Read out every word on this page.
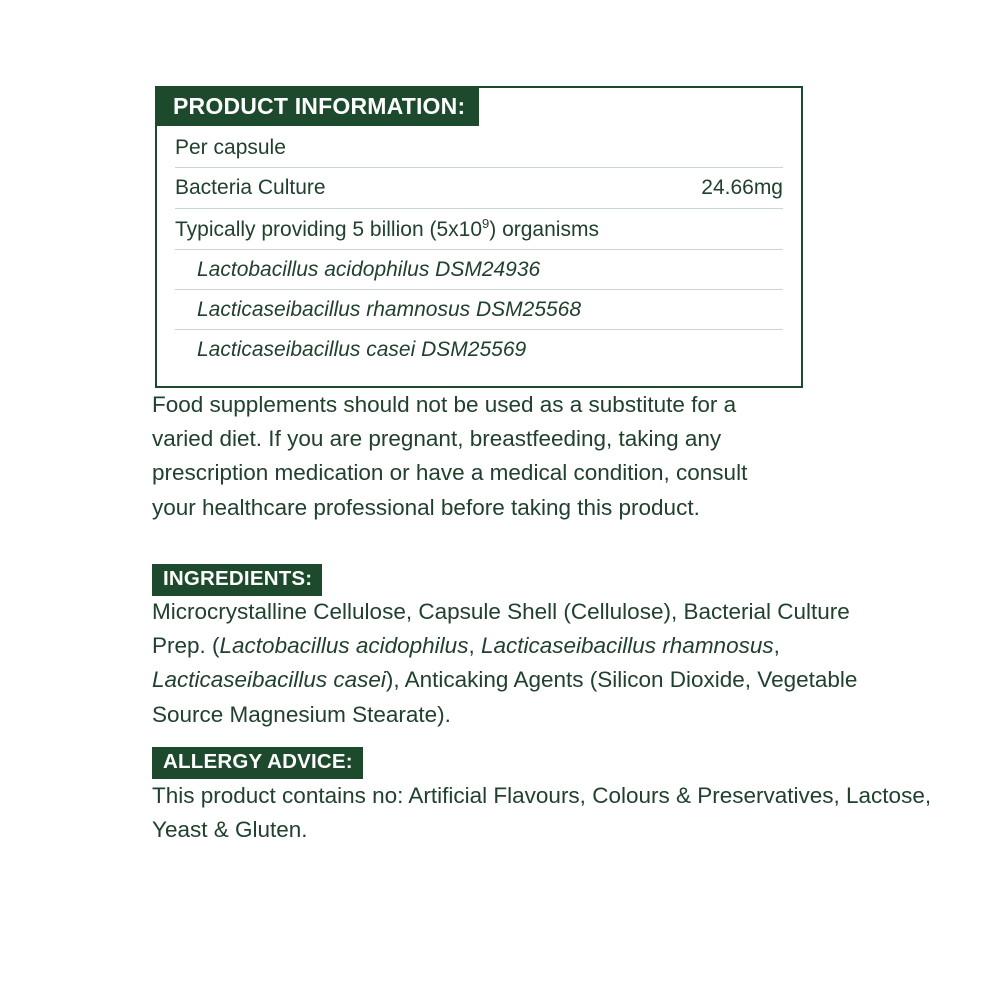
PRODUCT INFORMATION:
Per capsule
Bacteria Culture	24.66mg
Typically providing 5 billion $(5x10^9)$ organisms
Lactobacillus acidophilus DSM24936
Lacticaseibacillus rhamnosus DSM25568
Lacticaseibacillus casei DSM25569
Food supplements should not be used as a substitute for a varied diet. If you are pregnant, breastfeeding, taking any prescription medication or have a medical condition, consult your healthcare professional before taking this product.
INGREDIENTS:
Microcrystalline Cellulose, Capsule Shell (Cellulose), Bacterial Culture Prep. (Lactobacillus acidophilus, Lacticaseibacillus rhamnosus, Lacticaseibacillus casei), Anticaking Agents (Silicon Dioxide, Vegetable Source Magnesium Stearate).
ALLERGY ADVICE:
This product contains no: Artificial Flavours, Colours & Preservatives, Lactose, Yeast & Gluten.
